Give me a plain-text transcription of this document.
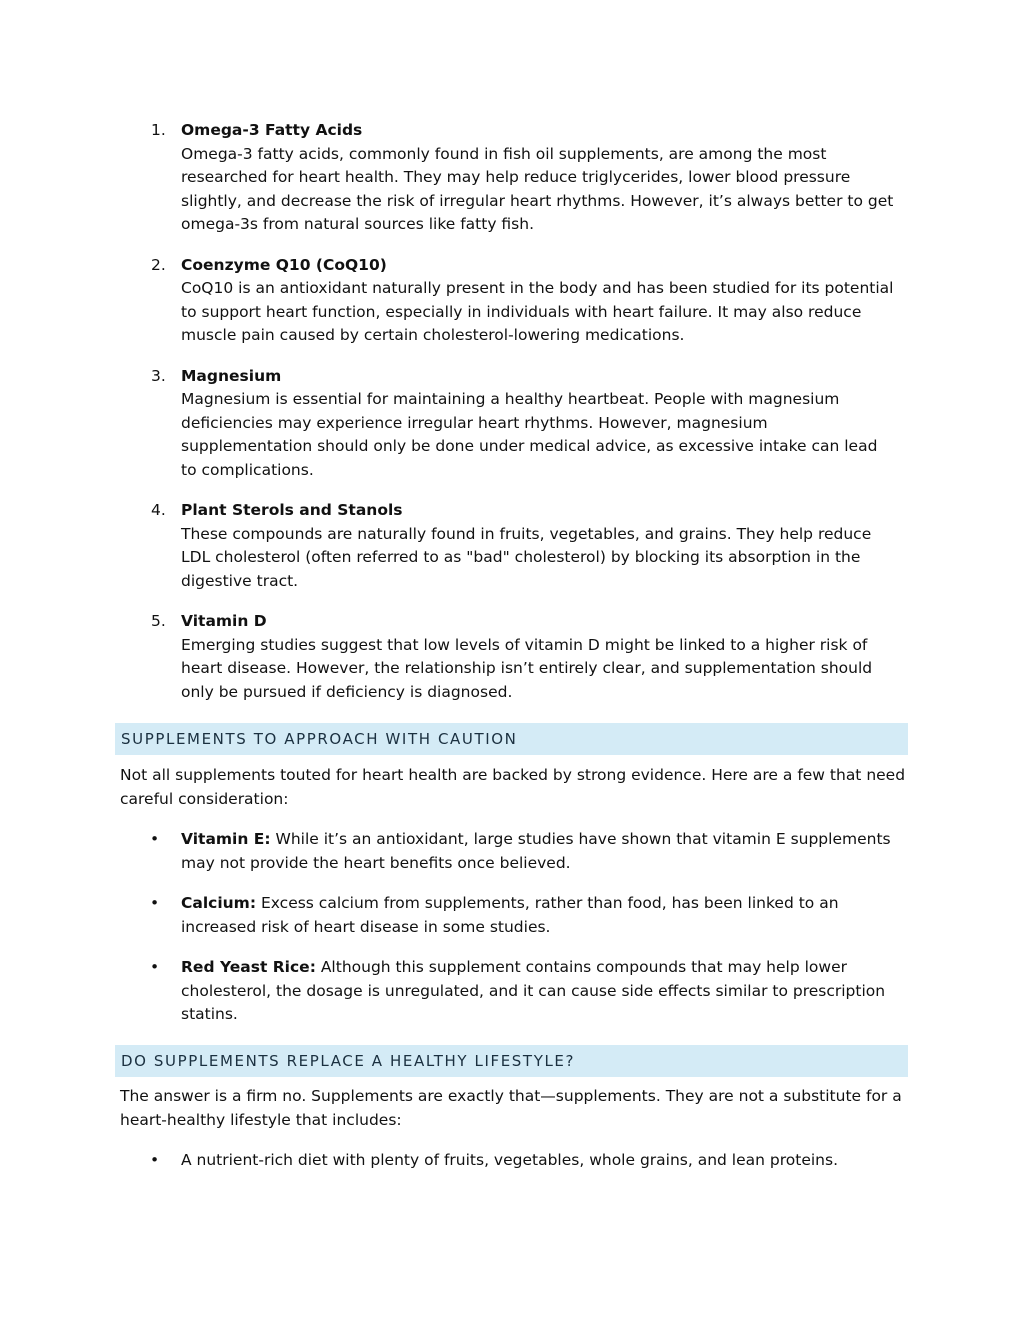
1. Omega-3 Fatty Acids
Omega-3 fatty acids, commonly found in fish oil supplements, are among the most researched for heart health. They may help reduce triglycerides, lower blood pressure slightly, and decrease the risk of irregular heart rhythms. However, it’s always better to get omega-3s from natural sources like fatty fish.
2. Coenzyme Q10 (CoQ10)
CoQ10 is an antioxidant naturally present in the body and has been studied for its potential to support heart function, especially in individuals with heart failure. It may also reduce muscle pain caused by certain cholesterol-lowering medications.
3. Magnesium
Magnesium is essential for maintaining a healthy heartbeat. People with magnesium deficiencies may experience irregular heart rhythms. However, magnesium supplementation should only be done under medical advice, as excessive intake can lead to complications.
4. Plant Sterols and Stanols
These compounds are naturally found in fruits, vegetables, and grains. They help reduce LDL cholesterol (often referred to as "bad" cholesterol) by blocking its absorption in the digestive tract.
5. Vitamin D
Emerging studies suggest that low levels of vitamin D might be linked to a higher risk of heart disease. However, the relationship isn’t entirely clear, and supplementation should only be pursued if deficiency is diagnosed.
SUPPLEMENTS TO APPROACH WITH CAUTION
Not all supplements touted for heart health are backed by strong evidence. Here are a few that need careful consideration:
• Vitamin E: While it’s an antioxidant, large studies have shown that vitamin E supplements may not provide the heart benefits once believed.
• Calcium: Excess calcium from supplements, rather than food, has been linked to an increased risk of heart disease in some studies.
• Red Yeast Rice: Although this supplement contains compounds that may help lower cholesterol, the dosage is unregulated, and it can cause side effects similar to prescription statins.
DO SUPPLEMENTS REPLACE A HEALTHY LIFESTYLE?
The answer is a firm no. Supplements are exactly that—supplements. They are not a substitute for a heart-healthy lifestyle that includes:
• A nutrient-rich diet with plenty of fruits, vegetables, whole grains, and lean proteins.
